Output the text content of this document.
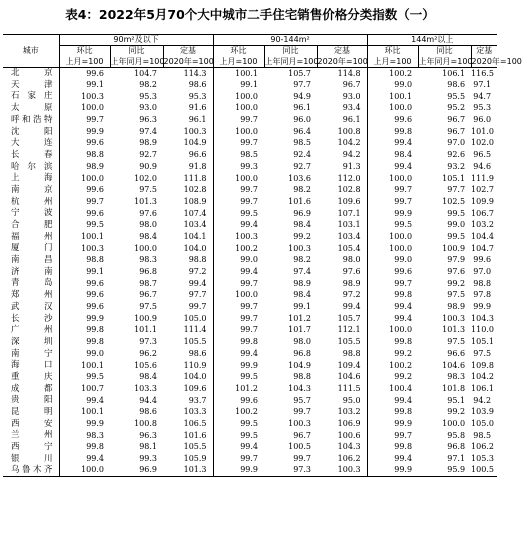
表4：2022年5月70个大中城市二手住宅销售价格分类指数（一）
城市	90m²及以下			90-144m²			144m²以上		
	环比	同比	定基	环比	同比	定基	环比	同比	定基
	上月=100	上年同月=100	2020年=100	上月=100	上年同月=100	2020年=100	上月=100	上年同月=100	2020年=100
北京	99.6	104.7	114.3	100.1	105.7	114.8	100.2	106.1	116.5
天津	99.1	98.2	98.6	99.1	97.7	96.7	99.0	98.6	97.1
石家庄	100.3	95.3	95.3	100.0	94.9	93.0	100.1	95.5	94.7
太原	100.0	93.0	91.6	100.0	96.1	93.4	100.0	95.2	95.3
呼和浩特	99.7	96.3	96.1	99.7	96.0	96.1	99.6	96.7	96.0
沈阳	99.9	97.4	100.3	100.0	96.4	100.8	99.8	96.7	101.0
大连	99.6	98.9	104.9	99.7	98.5	104.2	99.4	97.0	102.0
长春	98.8	92.7	96.6	98.5	92.4	94.2	98.4	92.6	96.5
哈尔滨	98.9	90.9	91.8	99.3	92.7	91.3	99.4	93.2	94.6
上海	100.0	102.0	111.8	100.0	103.6	112.0	100.0	105.1	111.9
南京	99.6	97.5	102.8	99.7	98.2	102.8	99.7	97.7	102.7
杭州	99.7	101.3	108.9	99.7	101.6	109.6	99.7	102.5	109.9
宁波	99.6	97.6	107.4	99.5	96.9	107.1	99.9	99.5	106.7
合肥	99.5	98.0	103.4	99.4	98.4	103.1	99.5	99.0	103.2
福州	100.1	98.4	104.1	100.3	99.2	103.4	100.0	99.5	104.4
厦门	100.3	100.0	104.0	100.2	100.3	105.4	100.0	100.9	104.7
南昌	98.8	98.3	98.8	99.0	98.2	98.0	99.0	97.9	99.6
济南	99.1	96.8	97.2	99.4	97.4	97.6	99.6	97.6	97.0
青岛	99.6	98.7	99.4	99.7	98.9	98.9	99.7	99.2	98.8
郑州	99.6	96.7	97.7	100.0	98.4	97.2	99.8	97.5	97.8
武汉	99.6	97.5	99.7	99.7	99.1	99.4	99.4	98.9	99.9
长沙	99.9	100.9	105.0	99.7	101.2	105.7	99.4	100.3	104.3
广州	99.8	101.1	111.4	99.7	101.7	112.1	100.0	101.3	110.0
深圳	99.8	97.3	105.5	99.8	98.0	105.5	99.8	97.5	105.1
南宁	99.0	96.2	98.6	99.4	96.8	98.8	99.2	96.6	97.5
海口	100.1	105.6	110.9	99.9	104.9	109.4	100.2	104.6	109.8
重庆	99.5	98.4	104.0	99.5	98.8	104.6	99.2	98.3	104.2
成都	100.7	103.3	109.6	101.2	104.3	111.5	100.4	101.8	106.1
贵阳	99.4	94.4	93.7	99.6	95.7	95.0	99.4	95.1	94.2
昆明	100.1	98.6	103.3	100.2	99.7	103.2	99.8	99.2	103.9
西安	99.9	100.8	106.5	99.5	100.3	106.9	99.9	100.0	105.0
兰州	98.3	96.3	101.6	99.5	96.7	100.6	99.7	95.8	98.5
西宁	99.8	98.1	105.5	99.4	100.5	104.3	99.8	96.8	106.2
银川	99.4	99.3	105.9	99.7	99.7	106.2	99.4	97.1	105.3
乌鲁木齐	100.0	96.9	101.3	99.9	97.3	100.3	99.9	95.9	100.5
